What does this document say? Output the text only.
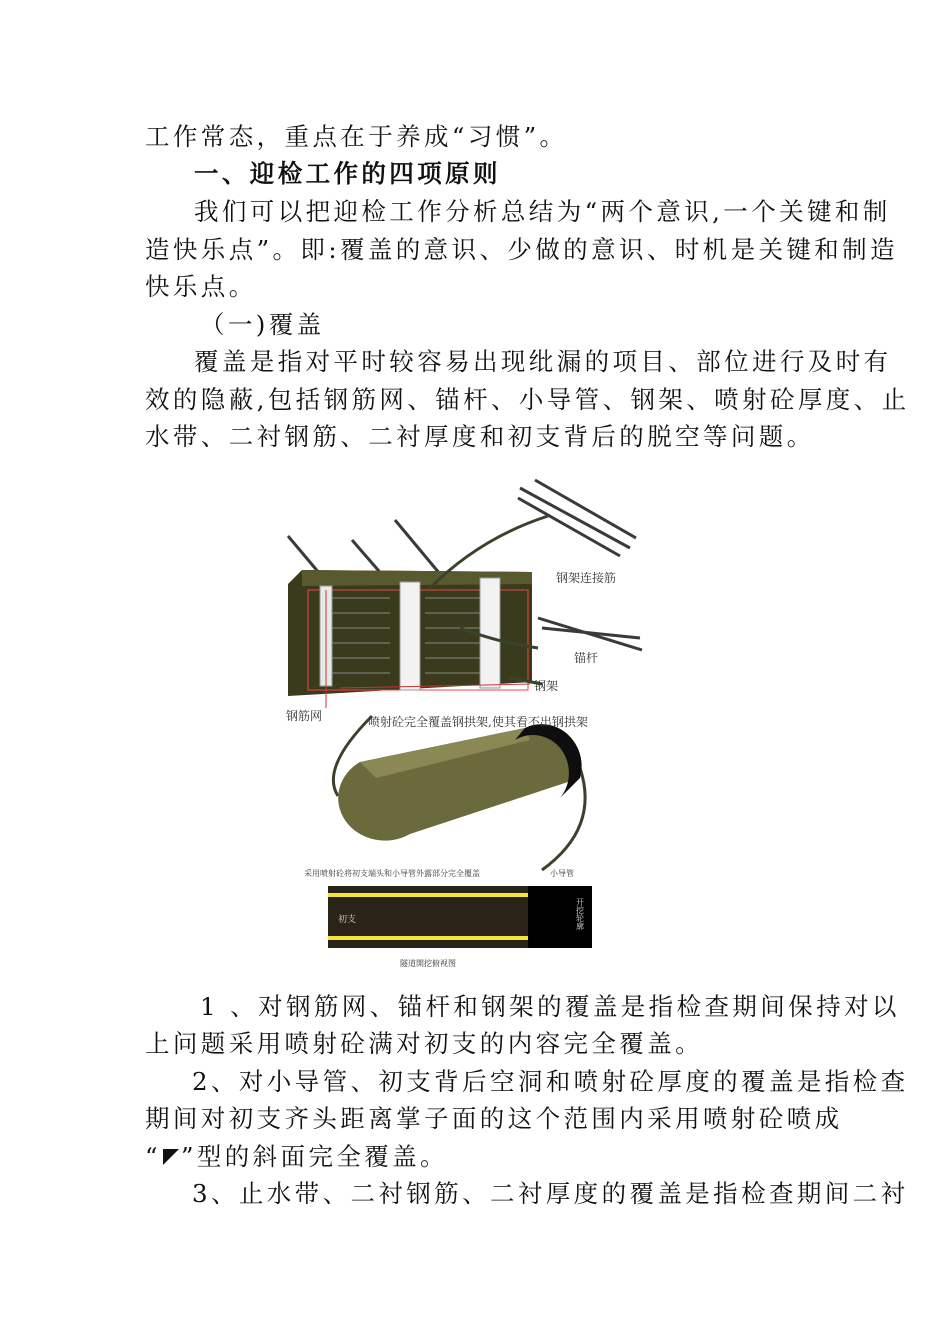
工作常态，重点在于养成“习惯”。
一、迎检工作的四项原则
我们可以把迎检工作分析总结为“两个意识,一个关键和制
造快乐点”。即:覆盖的意识、少做的意识、时机是关键和制造
快乐点。
（一)覆盖
覆盖是指对平时较容易出现纰漏的项目、部位进行及时有
效的隐蔽,包括钢筋网、锚杆、小导管、钢架、喷射砼厚度、止
水带、二衬钢筋、二衬厚度和初支背后的脱空等问题。
钢架连接筋
锚杆
钢架
钢筋网	喷射砼完全覆盖钢拱架,使其看不出钢拱架
采用喷射砼将初支端头和小导管外露部分完全覆盖	小导管
初支	开挖轮廓
隧道開挖俯视图
1 、对钢筋网、锚杆和钢架的覆盖是指检查期间保持对以
上问题采用喷射砼满对初支的内容完全覆盖。
2、对小导管、初支背后空洞和喷射砼厚度的覆盖是指检查
期间对初支齐头距离掌子面的这个范围内采用喷射砼喷成
“ ”型的斜面完全覆盖。
3、止水带、二衬钢筋、二衬厚度的覆盖是指检查期间二衬
